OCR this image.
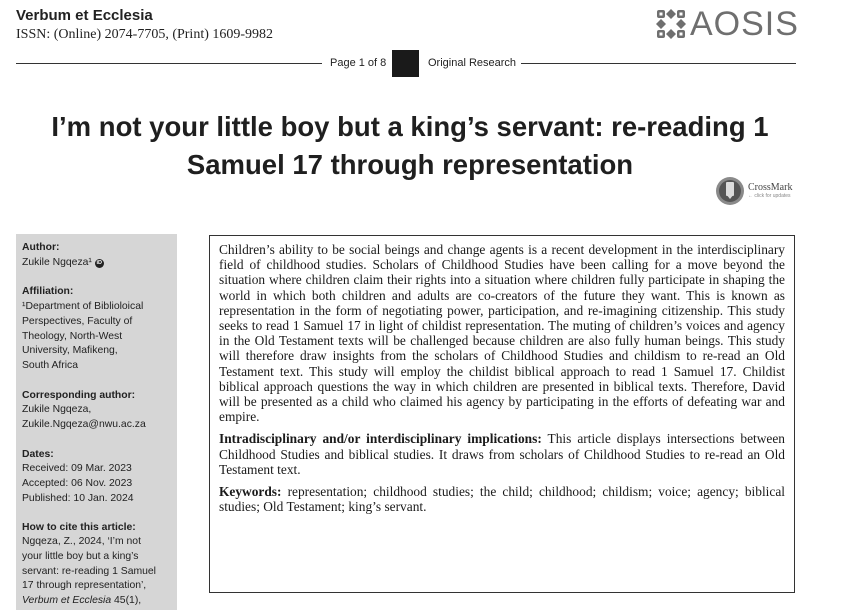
Verbum et Ecclesia
ISSN: (Online) 2074-7705, (Print) 1609-9982	AOSIS
Page 1 of 8	Original Research
I’m not your little boy but a king’s servant: re-reading 1
Samuel 17 through representation
CrossMark
← click for updates
Author:
Zukile Ngqeza¹ iD
Affiliation:
¹Department of Biblioloical
Perspectives, Faculty of
Theology, North-West
University, Mafikeng,
South Africa
Corresponding author:
Zukile Ngqeza,
Zukile.Ngqeza@nwu.ac.za
Dates:
Received: 09 Mar. 2023
Accepted: 06 Nov. 2023
Published: 10 Jan. 2024
How to cite this article:
Ngqeza, Z., 2024, ‘I’m not
your little boy but a king’s
servant: re-reading 1 Samuel
17 through representation’,
Verbum et Ecclesia 45(1),

Children’s ability to be social beings and change agents is a recent development in the interdisciplinary field of childhood studies. Scholars of Childhood Studies have been calling for a move beyond the situation where children claim their rights into a situation where children fully participate in shaping the world in which both children and adults are co-creators of the future they want. This is known as representation in the form of negotiating power, participation, and re-imagining citizenship. This study seeks to read 1 Samuel 17 in light of childist representation. The muting of children’s voices and agency in the Old Testament texts will be challenged because children are also fully human beings. This study will therefore draw insights from the scholars of Childhood Studies and childism to re-read an Old Testament text. This study will employ the childist biblical approach to read 1 Samuel 17. Childist biblical approach questions the way in which children are presented in biblical texts. Therefore, David will be presented as a child who claimed his agency by participating in the efforts of defeating war and empire.

Intradisciplinary and/or interdisciplinary implications: This article displays intersections between Childhood Studies and biblical studies. It draws from scholars of Childhood Studies to re-read an Old Testament text.

Keywords: representation; childhood studies; the child; childhood; childism; voice; agency; biblical studies; Old Testament; king’s servant.
